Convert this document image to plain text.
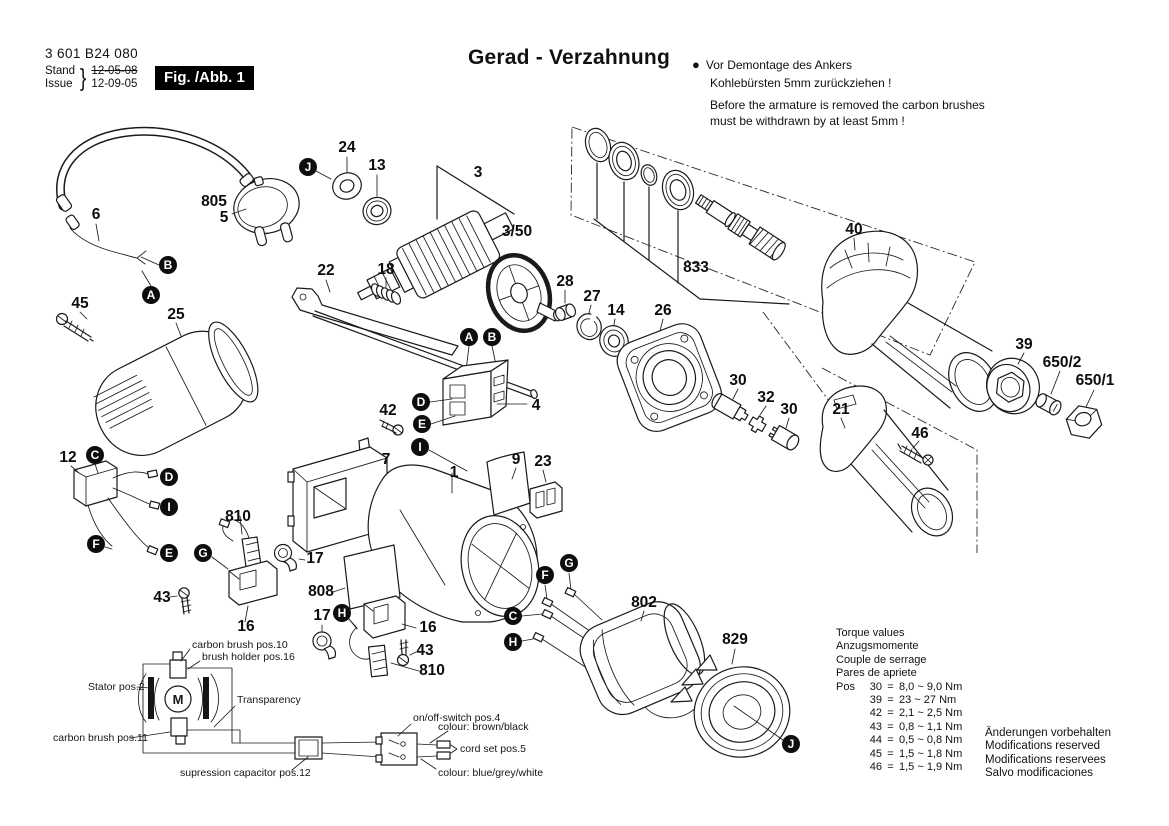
M
carbon brush pos.10
brush holder pos.16
Stator pos.2
Transparency
carbon brush pos.11
supression capacitor pos.12
on/off-switch pos.4
colour: brown/black
cord set pos.5
colour: blue/grey/white
6
805
5
45
25
12
24
13	3
3/50
22	18
28
27
14 26
30
32
30
833
40
39
650/2
650/1
21
46
4
42
7
1
9 23
810
17
43
16
808
17
16
43
810
802
829
J
B
A
C
D
I
F
E
A B
D
E
I
G
H
G
F
C
H
J
3 601 B24 080
Stand
Issue } 12-05-08
12-09-05	Fig. /Abb. 1
Gerad - Verzahnung ● Vor Demontage des Ankers
Kohlebürsten 5mm zurückziehen !
Before the armature is removed the carbon brushes
must be withdrawn by at least 5mm !
Torque values
Anzugsmomente
Couple de serrage
Pares de apriete
Pos	30 = 8,0 ~ 9,0 Nm
39 = 23 ~ 27 Nm
42 = 2,1 ~ 2,5 Nm
43 = 0,8 ~ 1,1 Nm
44 = 0,5 ~ 0,8 Nm
45 = 1,5 ~ 1,8 Nm
46 = 1,5 ~ 1,9 Nm
Änderungen vorbehalten
Modifications reserved
Modifications reservees
Salvo modificaciones
